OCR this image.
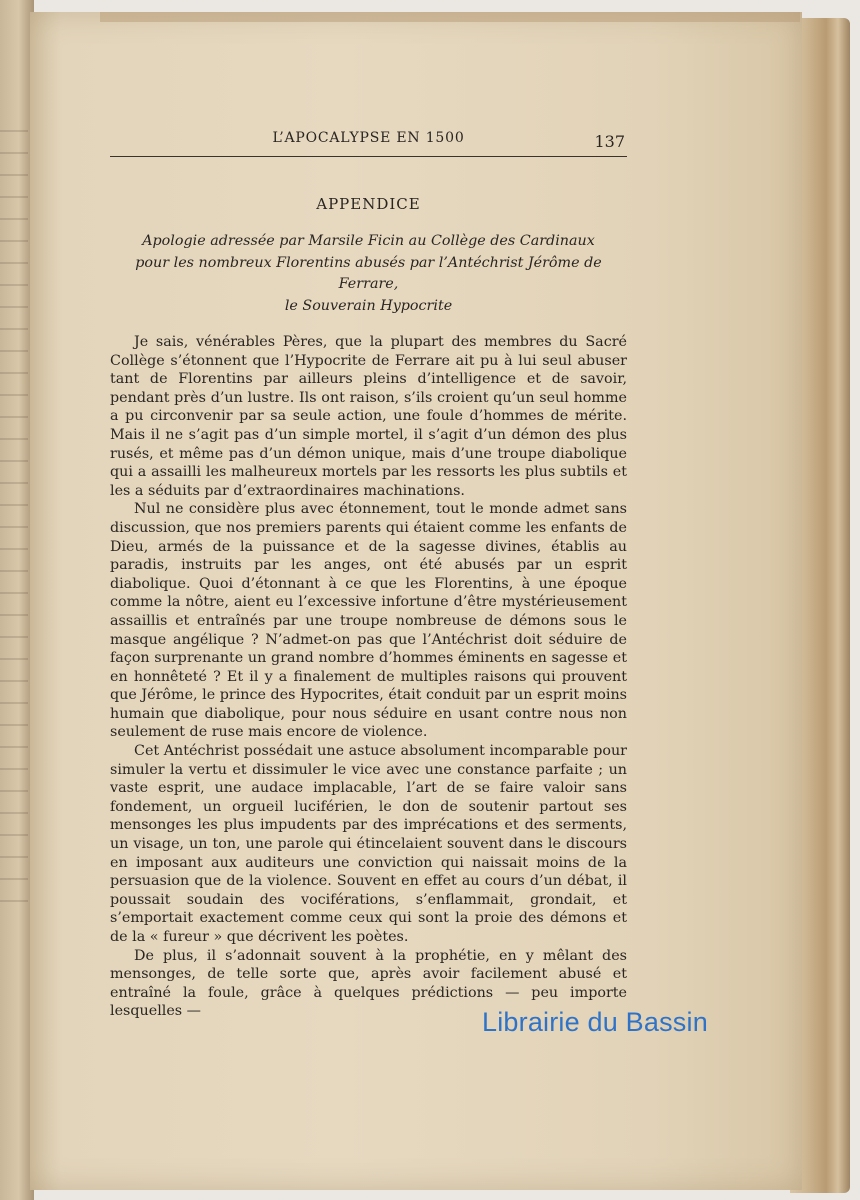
L’APOCALYPSE EN 1500	137
APPENDICE
Apologie adressée par Marsile Ficin au Collège des Cardinaux
pour les nombreux Florentins abusés par l’Antéchrist Jérôme de Ferrare,
le Souverain Hypocrite

Je sais, vénérables Pères, que la plupart des membres du Sacré Collège s’étonnent que l’Hypocrite de Ferrare ait pu à lui seul abuser tant de Florentins par ailleurs pleins d’intelligence et de savoir, pendant près d’un lustre. Ils ont raison, s’ils croient qu’un seul homme a pu circonvenir par sa seule action, une foule d’hommes de mérite. Mais il ne s’agit pas d’un simple mortel, il s’agit d’un démon des plus rusés, et même pas d’un démon unique, mais d’une troupe diabolique qui a assailli les malheureux mortels par les ressorts les plus subtils et les a séduits par d’extraordinaires machinations.

Nul ne considère plus avec étonnement, tout le monde admet sans discussion, que nos premiers parents qui étaient comme les enfants de Dieu, armés de la puissance et de la sagesse divines, établis au paradis, instruits par les anges, ont été abusés par un esprit diabolique. Quoi d’étonnant à ce que les Florentins, à une époque comme la nôtre, aient eu l’excessive infortune d’être mystérieusement assaillis et entraînés par une troupe nombreuse de démons sous le masque angélique ? N’admet-on pas que l’Antéchrist doit séduire de façon surprenante un grand nombre d’hommes éminents en sagesse et en honnêteté ? Et il y a finalement de multiples raisons qui prouvent que Jérôme, le prince des Hypocrites, était conduit par un esprit moins humain que diabolique, pour nous séduire en usant contre nous non seulement de ruse mais encore de violence.

Cet Antéchrist possédait une astuce absolument incomparable pour simuler la vertu et dissimuler le vice avec une constance parfaite ; un vaste esprit, une audace implacable, l’art de se faire valoir sans fondement, un orgueil luciférien, le don de soutenir partout ses mensonges les plus impudents par des imprécations et des serments, un visage, un ton, une parole qui étincelaient souvent dans le discours en imposant aux auditeurs une conviction qui naissait moins de la persuasion que de la violence. Souvent en effet au cours d’un débat, il poussait soudain des vociférations, s’enflammait, grondait, et s’emportait exactement comme ceux qui sont la proie des démons et de la « fureur » que décrivent les poètes.

De plus, il s’adonnait souvent à la prophétie, en y mêlant des mensonges, de telle sorte que, après avoir facilement abusé et entraîné la foule, grâce à quelques prédictions — peu importe lesquelles —	Librairie du Bassin
